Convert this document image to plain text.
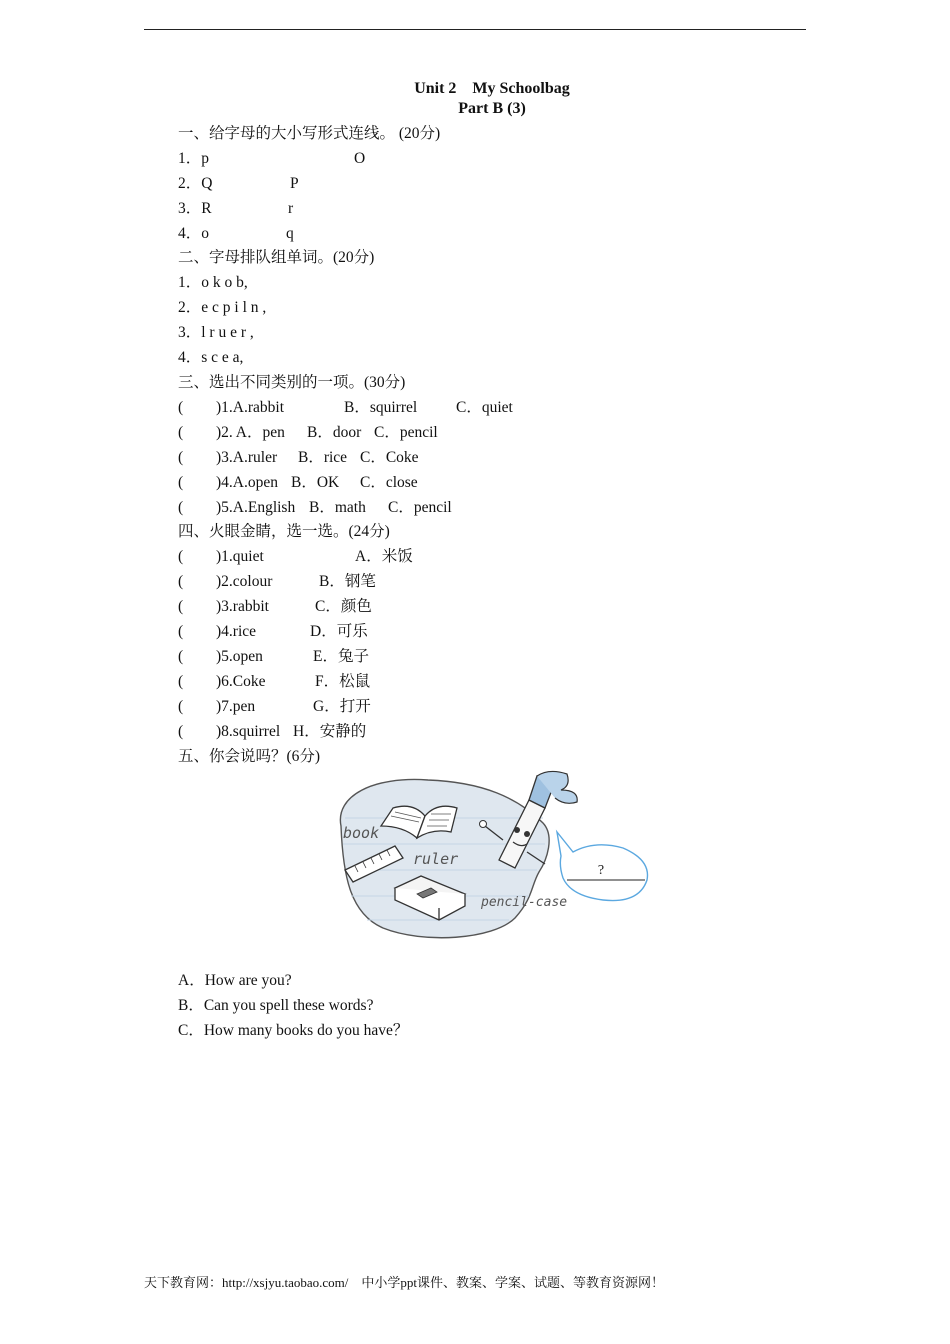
Unit 2　My Schoolbag
Part B (3)
一、给字母的大小写形式连线。 (20分)
1．p	O
2．Q	P
3．R	r
4．o	q
二、字母排队组单词。(20分)
1．o k o b,
2．e c p i l n ,
3．l r u e r ,
4．s c e a,
三、选出不同类别的一项。(30分)
( )1.A.rabbit	B．squirrel	C．quiet
( )2. A．pen B．door C．pencil
( )3.A.ruler B．rice C．Coke
( )4.A.open B．OK C．close
( )5.A.English B．math C．pencil
四、火眼金睛，选一选。(24分)
( )1.quiet	A．米饭
( )2.colour	B．钢笔
( )3.rabbit	C．颜色
( )4.rice	D．可乐
( )5.open	E．兔子
( )6.Coke	F．松鼠
( )7.pen	G．打开
( )8.squirrel H．安静的
五、你会说吗？(6分)
book
ruler
pencil-case
?
A．How are you?
B．Can you spell these words?
C．How many books do you have？
天下教育网：http://xsjyu.taobao.com/　中小学ppt课件、教案、学案、试题、等教育资源网！
